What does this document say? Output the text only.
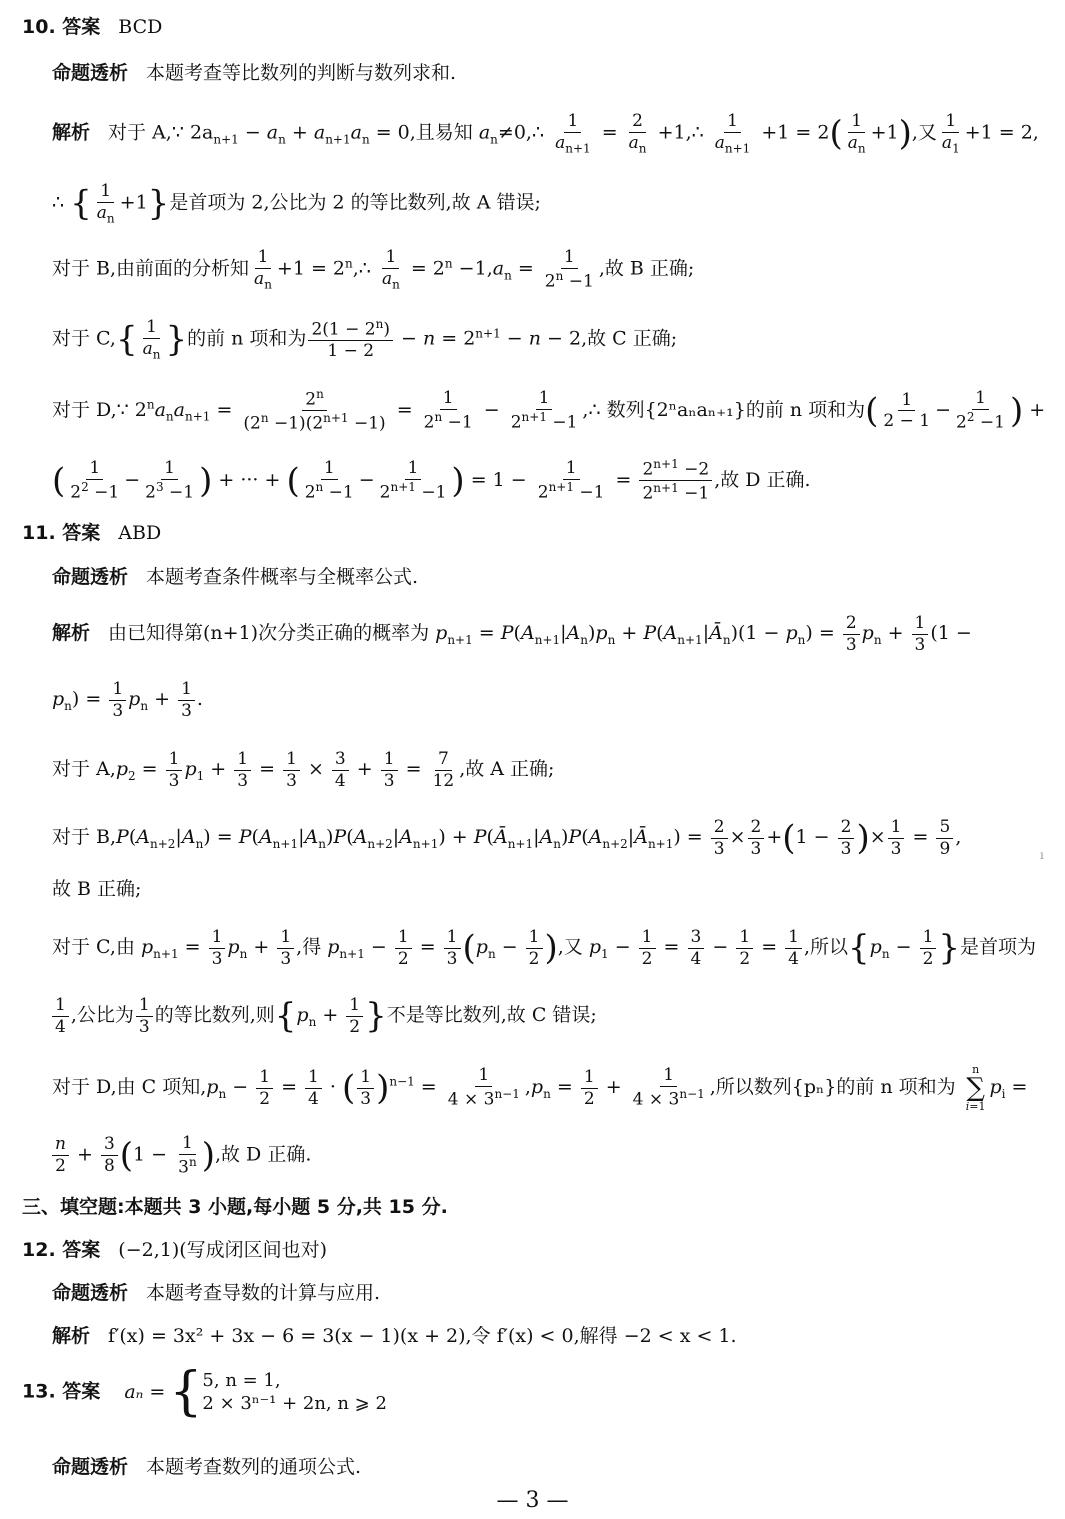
10. 答案 BCD
命题透析 本题考查等比数列的判断与数列求和.
解析 对于 A,∵ $2a_{n+1} - a_n + a_{n+1}a_n = 0$,且易知 $a_n\ne 0,\therefore \frac{1}{a_{n+1}} = \frac{2}{a_n}$ +1,∴ $\frac{1}{a_{n+1}} +1 = 2( \frac{1}{a_n} +1)$,又 $\frac{1}{a_1} +1 = 2$,
∴ { $\frac{1}{a_n} +1$}是首项为 2,公比为 2 的等比数列,故 A 错误;
对于 B,由前面的分析知 $\frac{1}{a_n} +1$ = $2^n,\therefore \frac{1}{a_n} = 2^n -1,a_n = \frac{1}{2^n -1}$ ,故 B 正确;
对于 $C,\{ \frac{1}{a_n}$ }的前 n 项和为 $\frac{2(1 - 2^n)}{1 - 2} - n = 2^{n+1} - n - 2$,故 C 正确;
对于 D,∵ $2^na_na_{n+1} = \frac{2^n}{(2^n -1)(2^{n+1} -1)} = \frac{1}{2^n -1} - \frac{1}{2^{n+1} -1}$ ,∴ 数列{2ⁿaₙaₙ₊₁}的前 n 项和为( $\frac{1}{2 - 1} - \frac{1}{2^2 -1}$ ) +
( $\frac{1}{2^2 -1} - \frac{1}{2^3 -1}$ ) + ··· + ( $\frac{1}{2^n -1} - \frac{1}{2^{n+1} -1}$ ) = $1 - \frac{1}{2^{n+1} -1} = \frac{2^{n+1} -2}{2^{n+1} -1}$ ,故 D 正确.
11. 答案 ABD
命题透析 本题考查条件概率与全概率公式.
解析 由已知得第(n+1)次分类正确的概率为 $p_{n+1} = P(A_{n+1}|A_n)p_n$ + $P(A_{n+1}|Ā_n)(1 - p_n) = \frac{2}{3} p_n + \frac{1}{3} (1$ −
$p_n) = \frac{1}{3} p_n + \frac{1}{3}$ .
对于 $A,p_2 = \frac{1}{3} p_1 + \frac{1}{3} = \frac{1}{3} \times \frac{3}{4} + \frac{1}{3} = \frac{7}{12}$ ,故 A 正确;
对于 $B,P(A_{n+2}|A_n) = P(A_{n+1}|A_n)P(A_{n+2}|A_{n+1})$ + $P(Ā_{n+1}|A_n)P(A_{n+2}|Ā_{n+1}) = \frac{2}{3} \times \frac{2}{3} +(1 - \frac{2}{3}$ )× $\frac{1}{3} = \frac{5}{9}$ ,
故 B 正确;
对于 C,由 $p_{n+1} = \frac{1}{3} p_n + \frac{1}{3}$ ,得 $p_{n+1} - \frac{1}{2} = \frac{1}{3} (p_n - \frac{1}{2}$ ),又 $p_1 - \frac{1}{2} = \frac{3}{4} - \frac{1}{2} = \frac{1}{4}$ ,所以{$p_n - \frac{1}{2}$ }是首项为
$\frac{1}{4}$ ,公比为 $\frac{1}{3}$ 的等比数列,则{$p_n + \frac{1}{2}$ }不是等比数列,故 C 错误;
对于 D,由 C 项知$,p_n - \frac{1}{2} = \frac{1}{4}$ · ( $\frac{1}{3} )^{n-1} = \frac{1}{4 \times 3^{n-1}} ,p_n = \frac{1}{2} + \frac{1}{4 \times 3^{n-1}}$ ,所以数列{pₙ}的前 n 项和为
n
∑
i=1
$p_i$ =
$\frac{n}{2} + \frac{3}{8} (1 - \frac{1}{3^n}$ ),故 D 正确.
三、填空题:本题共 3 小题,每小题 5 分,共 15 分.
12. 答案 (−2,1)(写成闭区间也对)
命题透析 本题考查导数的计算与应用.
解析 f′(x) = 3x² + 3x − 6 = 3(x − 1)(x + 2),令 f′(x) < 0,解得 −2 < x < 1.
13. 答案 aₙ = { 5, n = 1,
2 × 3ⁿ⁻¹ + 2n, n ⩾ 2
命题透析 本题考查数列的通项公式.
ı
— 3 —
